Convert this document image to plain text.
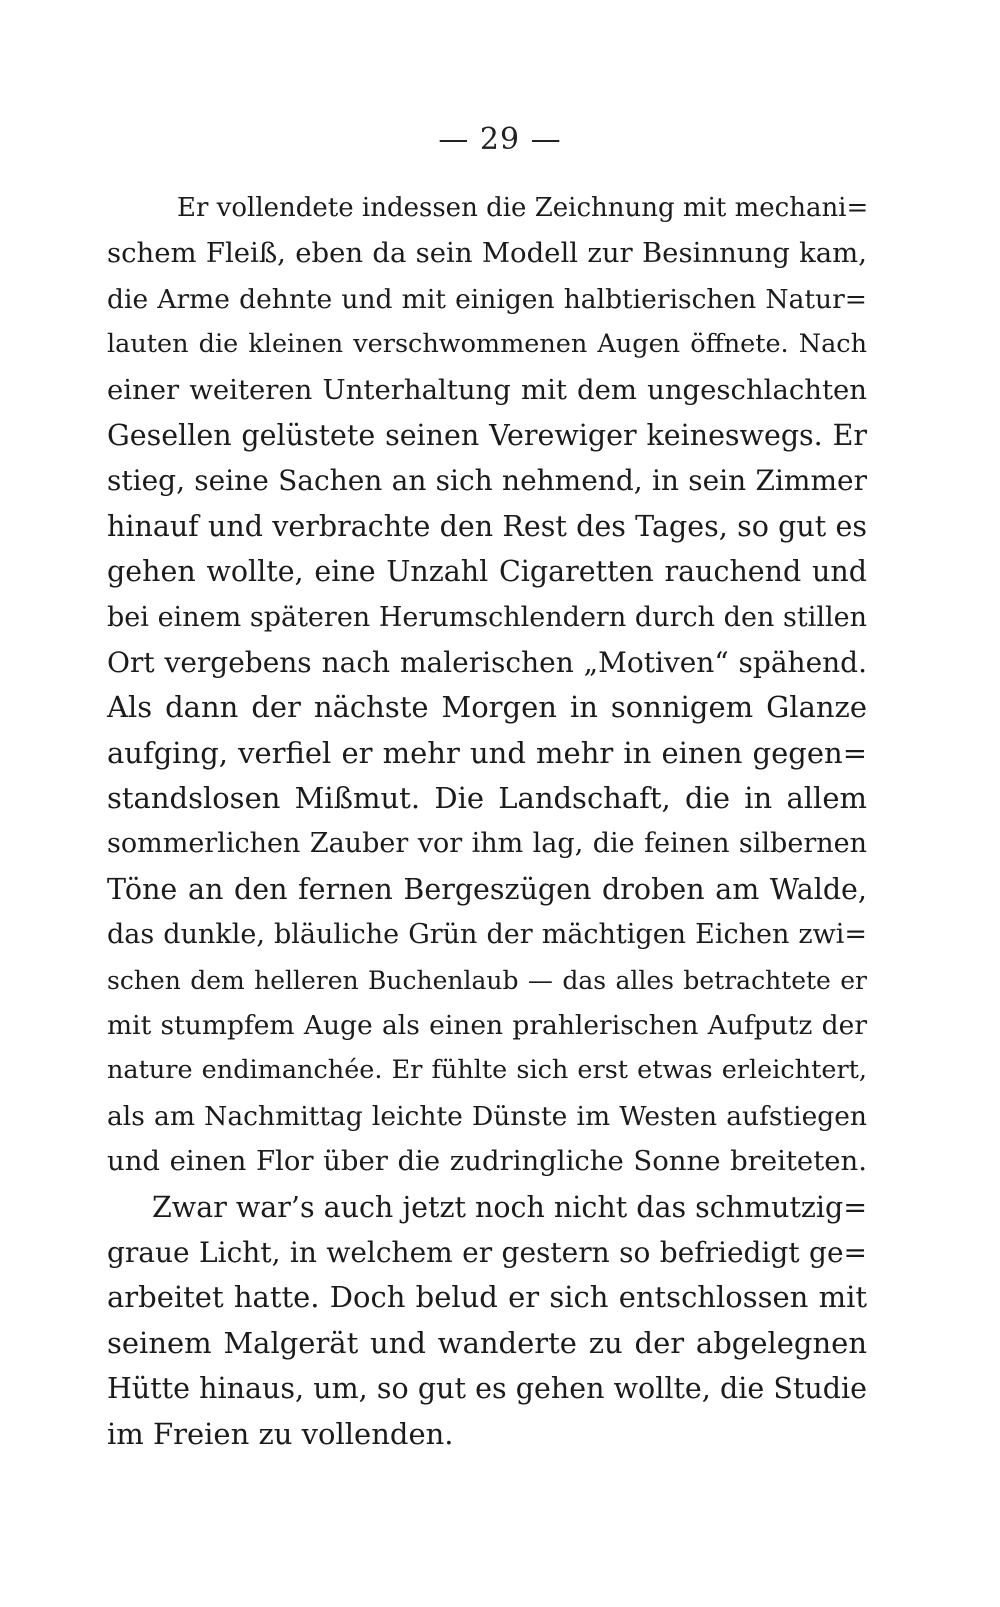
— 29 —
Er vollendete indessen die Zeichnung mit mechani=
schem Fleiß, eben da sein Modell zur Besinnung kam,
die Arme dehnte und mit einigen halbtierischen Natur=
lauten die kleinen verschwommenen Augen öffnete. Nach
einer weiteren Unterhaltung mit dem ungeschlachten
Gesellen gelüstete seinen Verewiger keineswegs. Er
stieg, seine Sachen an sich nehmend, in sein Zimmer
hinauf und verbrachte den Rest des Tages, so gut es
gehen wollte, eine Unzahl Cigaretten rauchend und
bei einem späteren Herumschlendern durch den stillen
Ort vergebens nach malerischen „Motiven“ spähend.
Als dann der nächste Morgen in sonnigem Glanze
aufging, verfiel er mehr und mehr in einen gegen=
standslosen Mißmut. Die Landschaft, die in allem
sommerlichen Zauber vor ihm lag, die feinen silbernen
Töne an den fernen Bergeszügen droben am Walde,
das dunkle, bläuliche Grün der mächtigen Eichen zwi=
schen dem helleren Buchenlaub — das alles betrachtete er
mit stumpfem Auge als einen prahlerischen Aufputz der
nature endimanchée. Er fühlte sich erst etwas erleichtert,
als am Nachmittag leichte Dünste im Westen aufstiegen
und einen Flor über die zudringliche Sonne breiteten.
Zwar war’s auch jetzt noch nicht das schmutzig=
graue Licht, in welchem er gestern so befriedigt ge=
arbeitet hatte. Doch belud er sich entschlossen mit
seinem Malgerät und wanderte zu der abgelegnen
Hütte hinaus, um, so gut es gehen wollte, die Studie
im Freien zu vollenden.
